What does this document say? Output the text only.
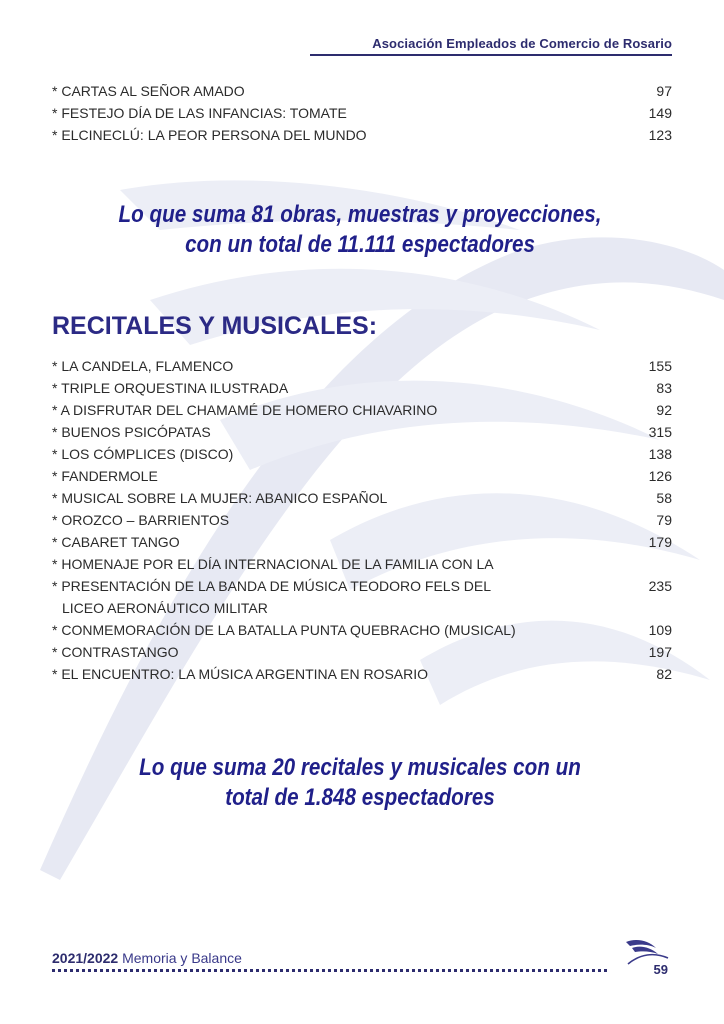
Asociación Empleados de Comercio de Rosario
* CARTAS AL SEÑOR AMADO	97
* FESTEJO DÍA DE LAS INFANCIAS: TOMATE	149
* ELCINECLÚ: LA PEOR PERSONA DEL MUNDO	123
Lo que suma 81 obras, muestras y proyecciones,
con un total de 11.111 espectadores
RECITALES Y MUSICALES:
* LA CANDELA, FLAMENCO	155
* TRIPLE ORQUESTINA ILUSTRADA	83
* A DISFRUTAR DEL CHAMAMÉ DE HOMERO CHIAVARINO	92
* BUENOS PSICÓPATAS	315
* LOS CÓMPLICES (DISCO)	138
* FANDERMOLE	126
* MUSICAL SOBRE LA MUJER: ABANICO ESPAÑOL	58
* OROZCO – BARRIENTOS	79
* CABARET TANGO	179
* HOMENAJE POR EL DÍA INTERNACIONAL DE LA FAMILIA CON LA
* PRESENTACIÓN DE LA BANDA DE MÚSICA TEODORO FELS DEL	235
LICEO AERONÁUTICO MILITAR
* CONMEMORACIÓN DE LA BATALLA PUNTA QUEBRACHO (MUSICAL)	109
* CONTRASTANGO	197
* EL ENCUENTRO: LA MÚSICA ARGENTINA EN ROSARIO	82
Lo que suma 20 recitales y musicales con un
total de 1.848 espectadores
2021/2022 Memoria y Balance
59
